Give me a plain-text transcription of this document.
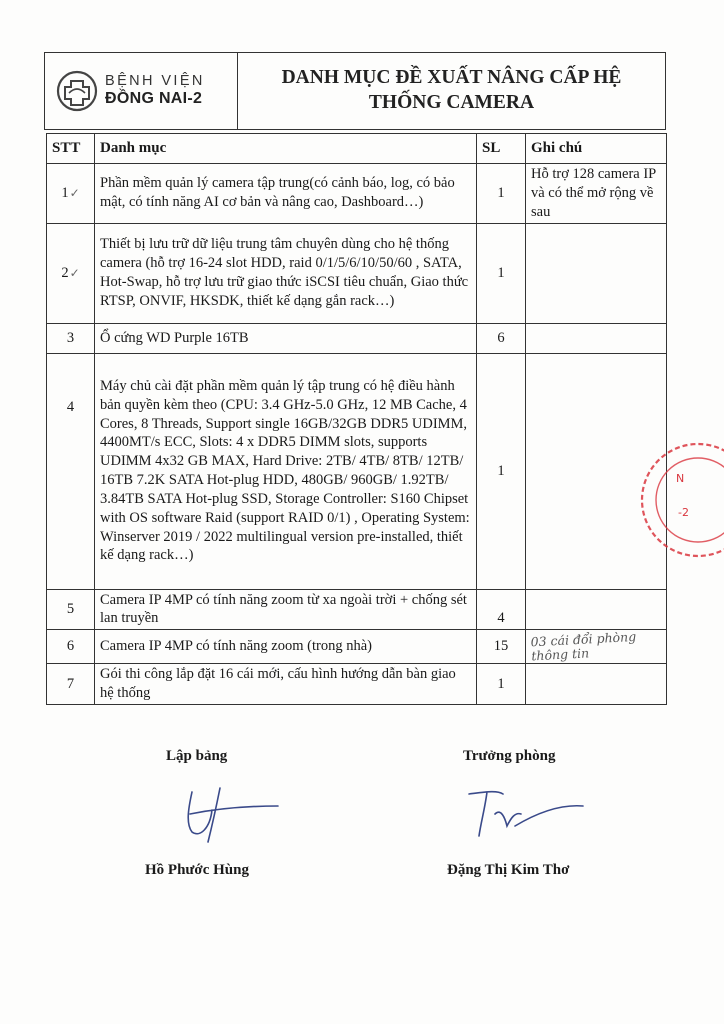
BỆNH VIỆN
ĐỒNG NAI-2
DANH MỤC ĐỀ XUẤT NÂNG CẤP HỆ
THỐNG CAMERA
STT	Danh mục	SL	Ghi chú
1✓	Phần mềm quản lý camera tập trung(có cảnh báo, log, có bảo mật, có tính năng AI cơ bản và nâng cao, Dashboard…)	1	Hỗ trợ 128 camera IP và có thể mở rộng về sau
2✓	Thiết bị lưu trữ dữ liệu trung tâm chuyên dùng cho hệ thống camera (hỗ trợ 16-24 slot HDD, raid 0/1/5/6/10/50/60 , SATA, Hot-Swap, hỗ trợ lưu trữ giao thức iSCSI tiêu chuẩn, Giao thức RTSP, ONVIF, HKSDK, thiết kế dạng gắn rack…)	1	
3	Ổ cứng WD Purple 16TB	6	
4	Máy chủ cài đặt phần mềm quản lý tập trung có hệ điều hành bản quyền kèm theo (CPU: 3.4 GHz-5.0 GHz, 12 MB Cache, 4 Cores, 8 Threads, Support single 16GB/32GB DDR5 UDIMM, 4400MT/s ECC, Slots: 4 x DDR5 DIMM slots, supports UDIMM 4x32 GB MAX, Hard Drive: 2TB/ 4TB/ 8TB/ 12TB/ 16TB 7.2K SATA Hot-plug HDD, 480GB/ 960GB/ 1.92TB/ 3.84TB SATA Hot-plug SSD, Storage Controller: S160 Chipset with OS software Raid (support RAID 0/1) , Operating System: Winserver 2019 / 2022 multilingual version pre-installed, thiết kế dạng rack…)	1	
5	Camera IP 4MP có tính năng zoom từ xa ngoài trời + chống sét lan truyền	4	
6	Camera IP 4MP có tính năng zoom (trong nhà)	15	03 cái đổi phòng thông tin

7	Gói thi công lắp đặt 16 cái mới, cấu hình hướng dẫn bàn giao hệ thống	1	
N
-2
Lập bảng	Trưởng phòng
Hồ Phước Hùng	Đặng Thị Kim Thơ
